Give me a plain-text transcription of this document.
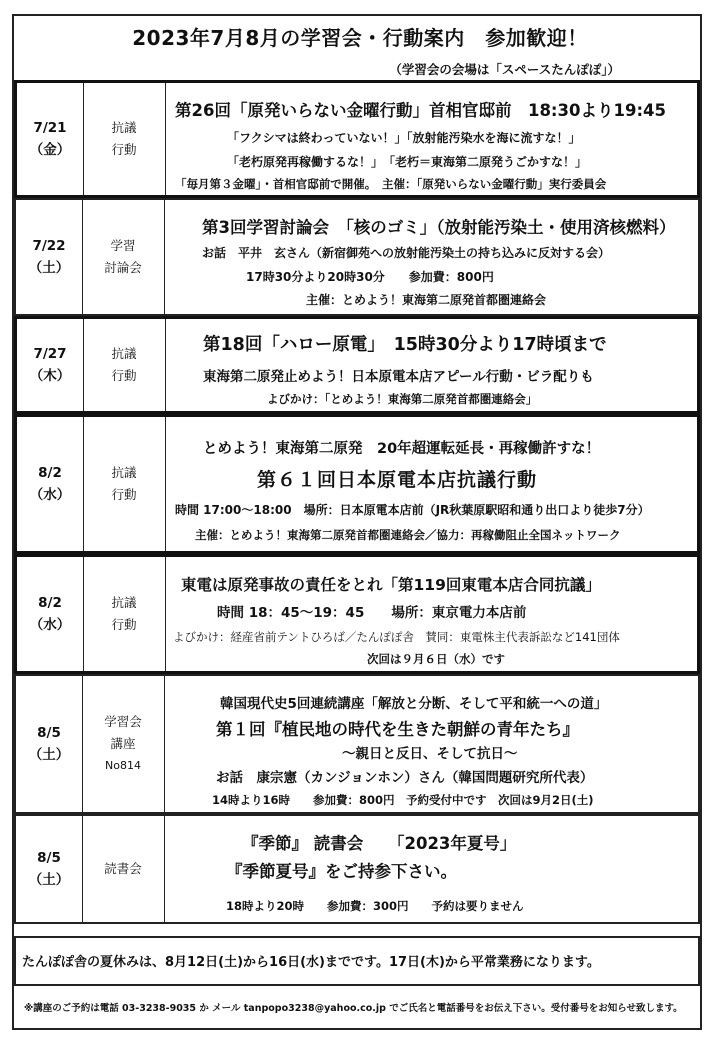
2023年7月8月の学習会・行動案内　参加歓迎！
（学習会の会場は「スペースたんぽぽ」）
7/21
（金）
抗議
行動
第26回「原発いらない金曜行動」首相官邸前　18:30より19:45
「フクシマは終わっていない！」「放射能汚染水を海に流すな！」
「老朽原発再稼働するな！」　「老朽＝東海第二原発うごかすな！」
「毎月第３金曜」・首相官邸前で開催。　主催：「原発いらない金曜行動」実行委員会
7/22
（土）
学習
討論会
第3回学習討論会　「核のゴミ」（放射能汚染土・使用済核燃料）
お話　平井　玄さん（新宿御苑への放射能汚染土の持ち込みに反対する会）
17時30分より20時30分　　参加費：800円
主催：とめよう！東海第二原発首都圏連絡会
7/27
（木）
抗議
行動
第18回「ハロー原電」　15時30分より17時頃まで
東海第二原発止めよう！日本原電本店アピール行動・ビラ配りも
よびかけ：「とめよう！東海第二原発首都圏連絡会」
8/2
（水）
抗議
行動
とめよう！東海第二原発　20年超運転延長・再稼働許すな！
第６１回日本原電本店抗議行動
時間 17:00～18:00　場所：日本原電本店前（JR秋葉原駅昭和通り出口より徒歩7分）
主催：とめよう！東海第二原発首都圏連絡会／協力：再稼働阻止全国ネットワーク
8/2
（水）
抗議
行動
東電は原発事故の責任をとれ「第119回東電本店合同抗議」
時間 18：45～19：45　　場所：東京電力本店前
よびかけ：経産省前テントひろば／たんぽぽ舎　賛同：東電株主代表訴訟など141団体
次回は９月６日（水）です
8/5
（土）
学習会
講座
No814
韓国現代史5回連続講座「解放と分断、そして平和統一への道」
第１回『植民地の時代を生きた朝鮮の青年たち』
～親日と反日、そして抗日～
お話　康宗憲（カンジョンホン）さん（韓国問題研究所代表）
14時より16時　　参加費：800円　予約受付中です　次回は9月2日(土)
8/5
（土）
読書会
『季節』 読書会　　「2023年夏号」
『季節夏号』をご持参下さい。
18時より20時　　参加費：300円　　予約は要りません
たんぽぽ舎の夏休みは、8月12日(土)から16日(水)までです。17日(木)から平常業務になります。
※講座のご予約は電話 03-3238-9035 か メール tanpopo3238@yahoo.co.jp でご氏名と電話番号をお伝え下さい。受付番号をお知らせ致します。
